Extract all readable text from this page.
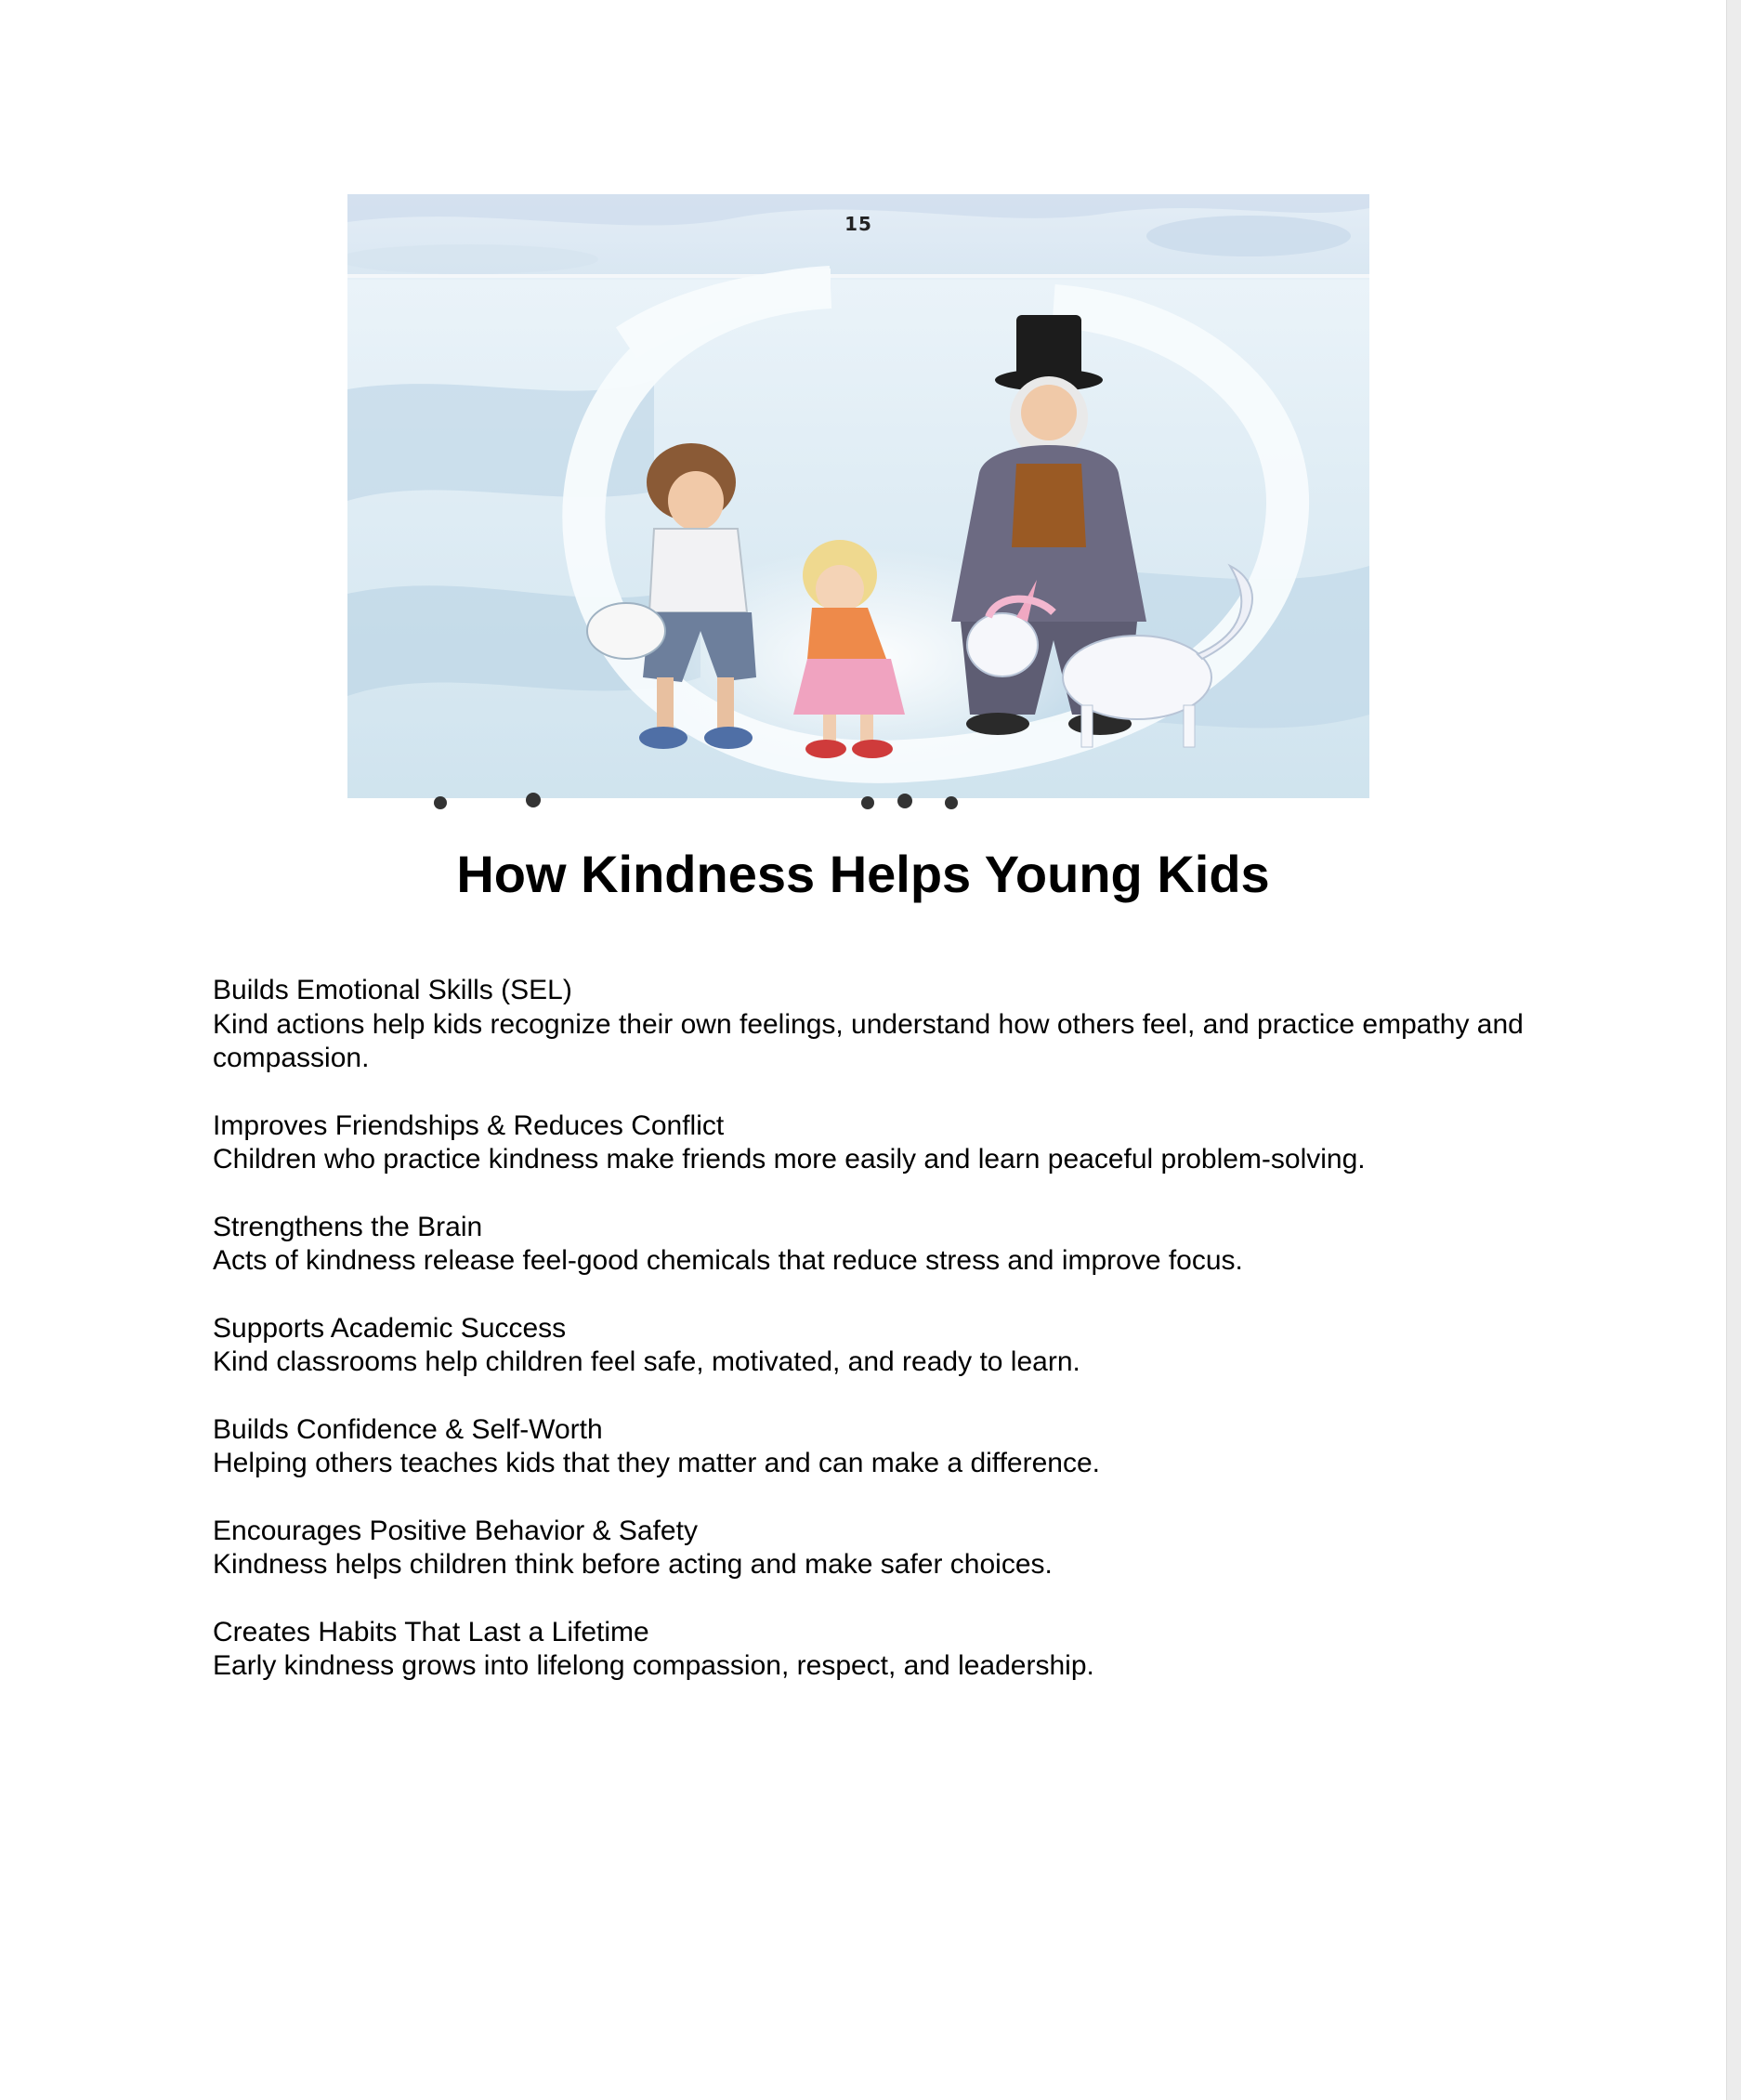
15
How Kindness Helps Young Kids
Builds Emotional Skills (SEL)
Kind actions help kids recognize their own feelings, understand how others feel, and practice empathy and compassion.
Improves Friendships & Reduces Conflict
Children who practice kindness make friends more easily and learn peaceful problem-solving.
Strengthens the Brain
Acts of kindness release feel-good chemicals that reduce stress and improve focus.
Supports Academic Success
Kind classrooms help children feel safe, motivated, and ready to learn.
Builds Confidence & Self-Worth
Helping others teaches kids that they matter and can make a difference.
Encourages Positive Behavior & Safety
Kindness helps children think before acting and make safer choices.
Creates Habits That Last a Lifetime
Early kindness grows into lifelong compassion, respect, and leadership.
